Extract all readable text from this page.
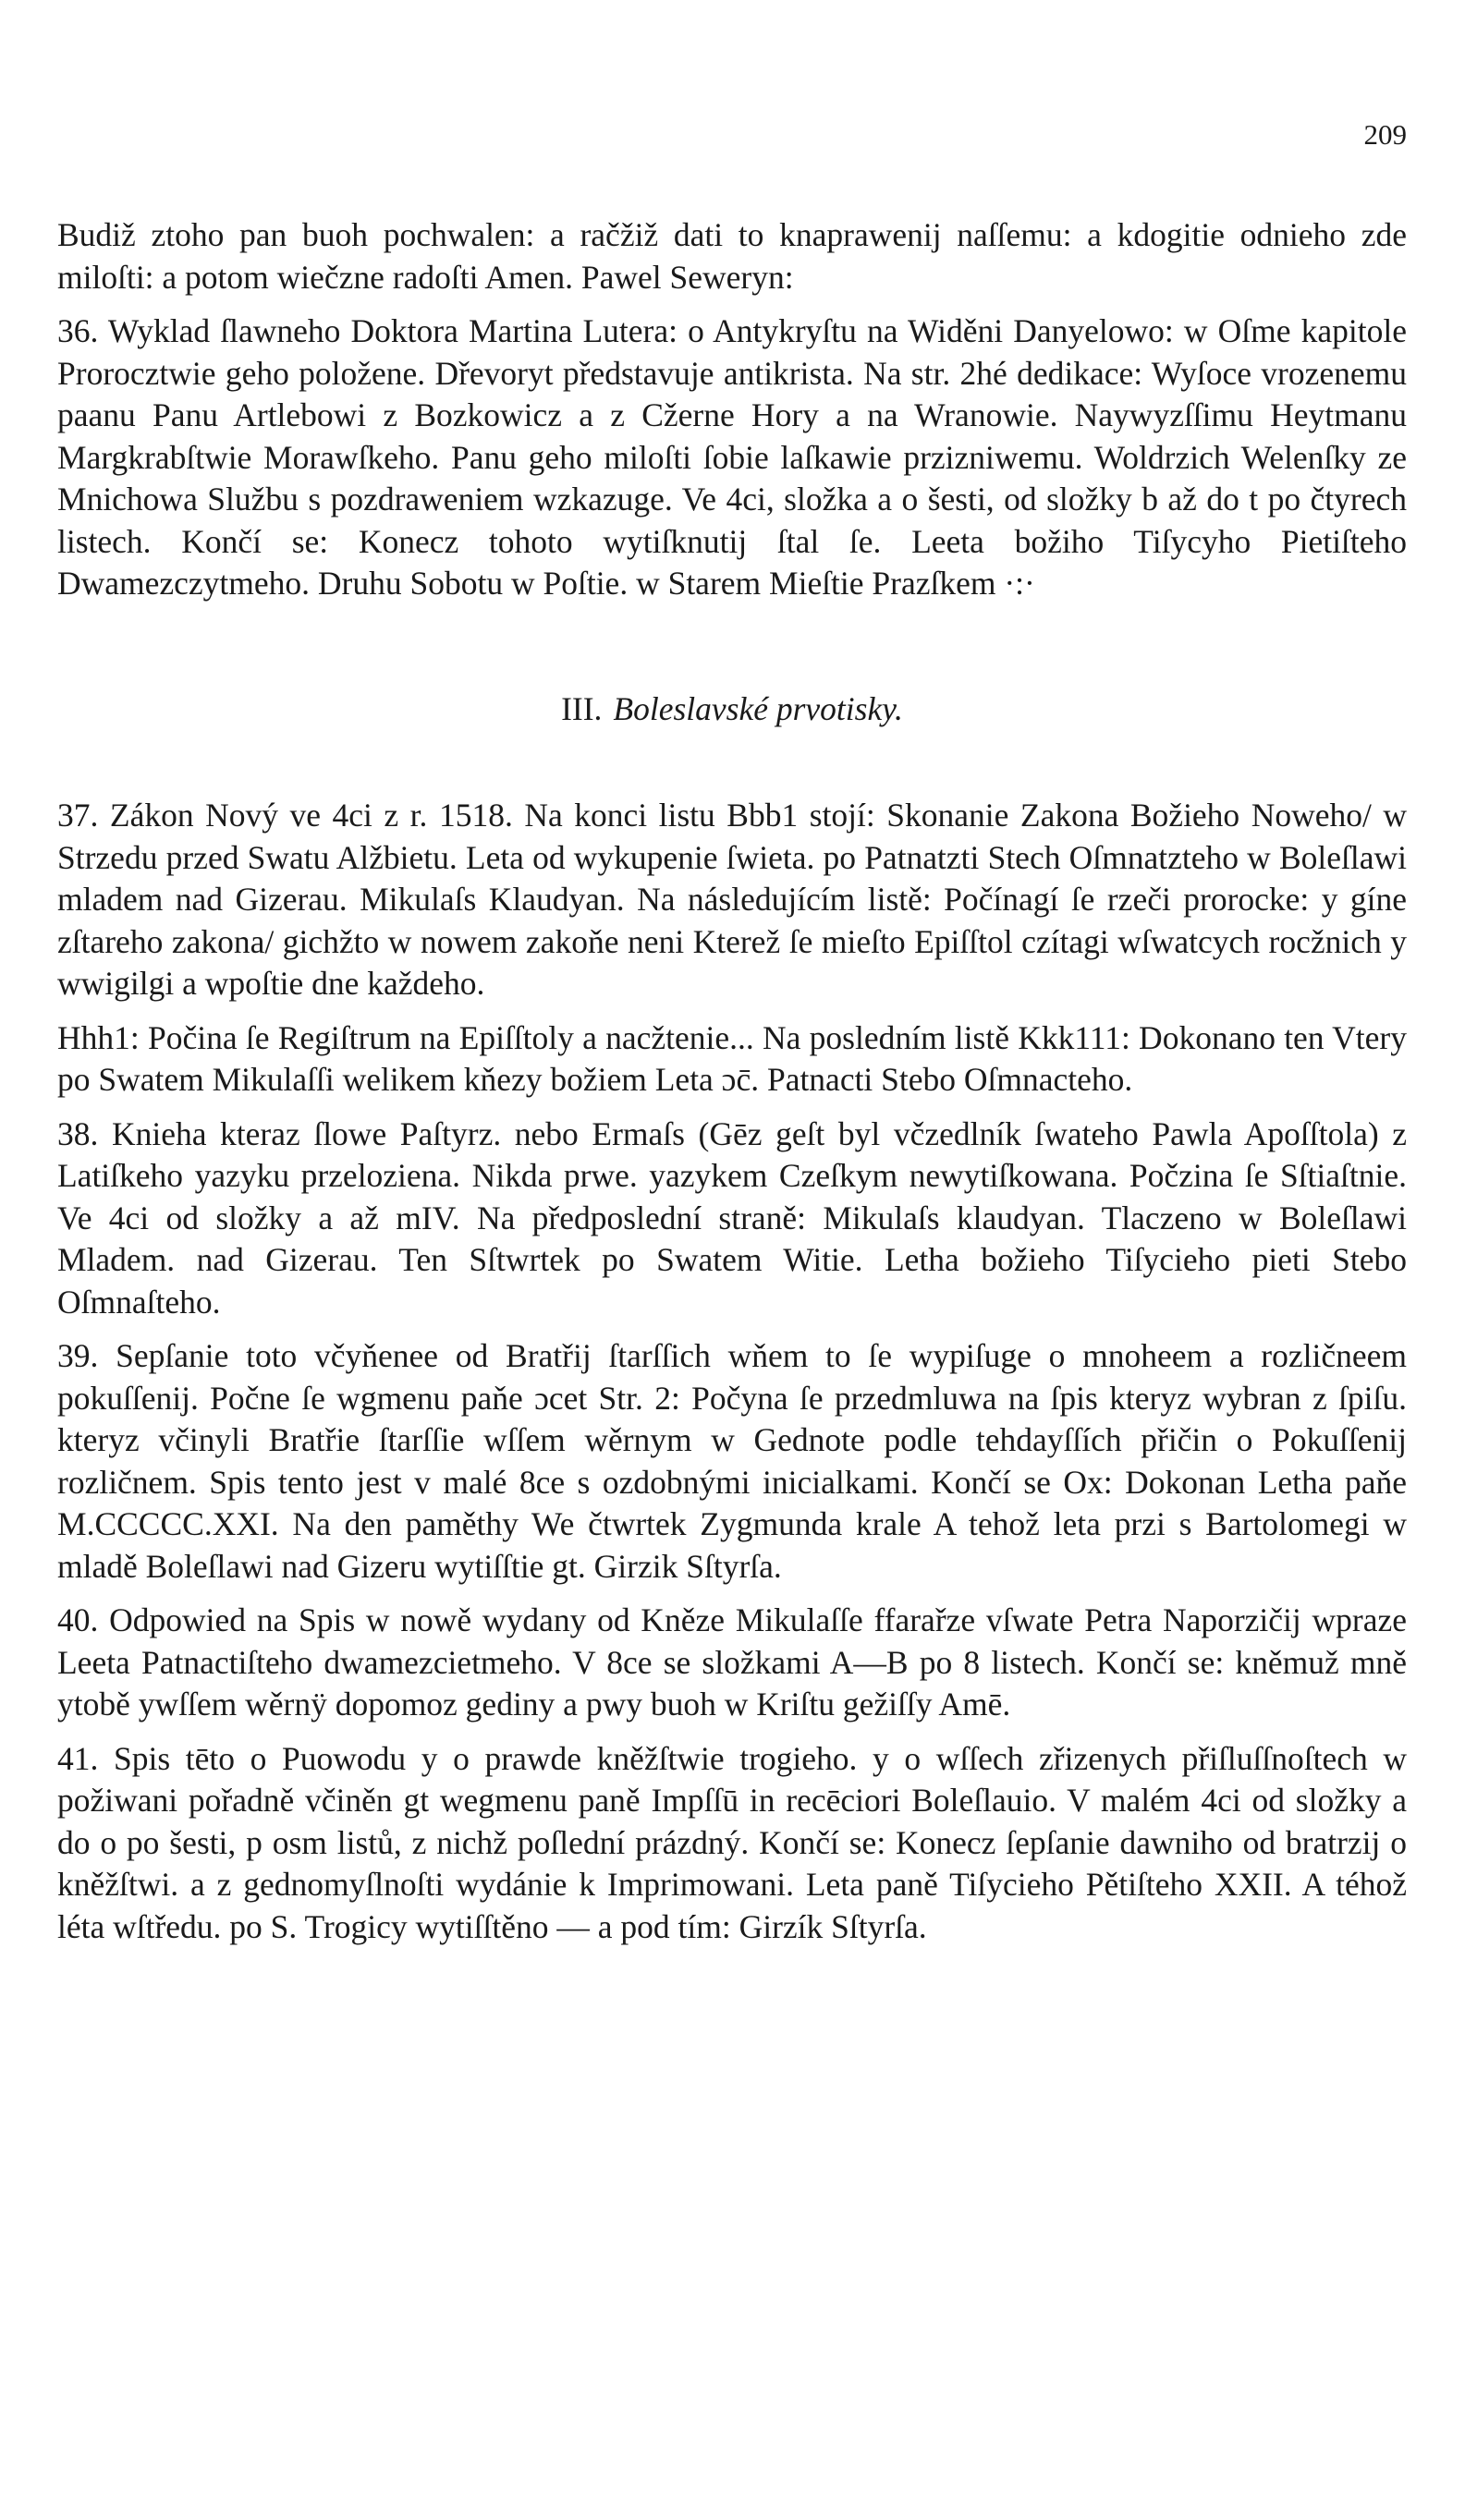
209

Budiž ztoho pan buoh pochwalen: a račžiž dati to knaprawenij naſſemu: a kdogitie odnieho zde miloſti: a potom wiečzne radoſti Amen. Pawel Seweryn:

36. Wyklad ſlawneho Doktora Martina Lutera: o Antykryſtu na Widěni Danyelowo: w Oſme kapitole Prorocztwie geho položene. Dřevoryt představuje antikrista. Na str. 2hé dedikace: Wyſoce vrozenemu paanu Panu Artlebowi z Bozkowicz a z Cžerne Hory a na Wranowie. Naywyzſſimu Heytmanu Margkrabſtwie Morawſkeho. Panu geho miloſti ſobie laſkawie przizniwemu. Woldrzich Welenſky ze Mnichowa Službu s pozdraweniem wzkazuge. Ve 4ci, složka a o šesti, od složky b až do t po čtyrech listech. Končí se: Konecz tohoto wytiſknutij ſtal ſe. Leeta božiho Tiſycyho Pietiſteho Dwamezczytmeho. Druhu Sobotu w Poſtie. w Starem Mieſtie Prazſkem ·:·

III. Boleslavské prvotisky.

37. Zákon Nový ve 4ci z r. 1518. Na konci listu Bbb1 stojí: Skonanie Zakona Božieho Noweho/ w Strzedu przed Swatu Alžbietu. Leta od wykupenie ſwieta. po Patnatzti Stech Oſmnatzteho w Boleſlawi mladem nad Gizerau. Mikulaſs Klaudyan. Na následujícím listě: Počínagí ſe rzeči prorocke: y gíne zſtareho zakona/ gichžto w nowem zakoňe neni Kterež ſe mieſto Epiſſtol czítagi wſwatcych rocžnich y wwigilgi a wpoſtie dne každeho.

Hhh1: Počina ſe Regiſtrum na Epiſſtoly a nacžtenie... Na posledním listě Kkk111: Dokonano ten Vtery po Swatem Mikulaſſi welikem kňezy božiem Leta ɔc̄. Patnacti Stebo Oſmnacteho.

38. Knieha kteraz ſlowe Paſtyrz. nebo Ermaſs (Gēz geſt byl včzedlník ſwateho Pawla Apoſſtola) z Latiſkeho yazyku przeloziena. Nikda prwe. yazykem Czeſkym newytiſkowana. Počzina ſe Sſtiaſtnie. Ve 4ci od složky a až mIV. Na předposlední straně: Mikulaſs klaudyan. Tlaczeno w Boleſlawi Mladem. nad Gizerau. Ten Sſtwrtek po Swatem Witie. Letha božieho Tiſycieho pieti Stebo Oſmnaſteho.

39. Sepſanie toto včyňenee od Bratřij ſtarſſich wňem to ſe wypiſuge o mnoheem a rozličneem pokuſſenij. Počne ſe wgmenu paňe ɔcet Str. 2: Počyna ſe przedmluwa na ſpis kteryz wybran z ſpiſu. kteryz včinyli Bratřie ſtarſſie wſſem wěrnym w Gednote podle tehdayſſích přičin o Pokuſſenij rozličnem. Spis tento jest v malé 8ce s ozdobnými inicialkami. Končí se Ox: Dokonan Letha paňe M.CCCCC.XXI. Na den paměthy We čtwrtek Zygmunda krale A tehož leta przi s Bartolomegi w mladě Boleſlawi nad Gizeru wytiſſtie gt. Girzik Sſtyrſa.

40. Odpowied na Spis w nowě wydany od Kněze Mikulaſſe ffarařze vſwate Petra Naporzičij wpraze Leeta Patnactiſteho dwamezcietmeho. V 8ce se složkami A—B po 8 listech. Končí se: kněmuž mně ytobě ywſſem wěrnÿ dopomoz gediny a pwy buoh w Kriſtu gežiſſy Amē.

41. Spis tēto o Puowodu y o prawde kněžſtwie trogieho. y o wſſech zřizenych přiſluſſnoſtech w požiwani pořadně včiněn gt wegmenu paně Impſſū in recēciori Boleſlauio. V malém 4ci od složky a do o po šesti, p osm listů, z nichž poſlední prázdný. Končí se: Konecz ſepſanie dawniho od bratrzij o kněžſtwi. a z gednomyſlnoſti wydánie k Imprimowani. Leta paně Tiſycieho Pětiſteho XXII. A téhož léta wſtředu. po S. Trogicy wytiſſtěno — a pod tím: Girzík Sſtyrſa.
